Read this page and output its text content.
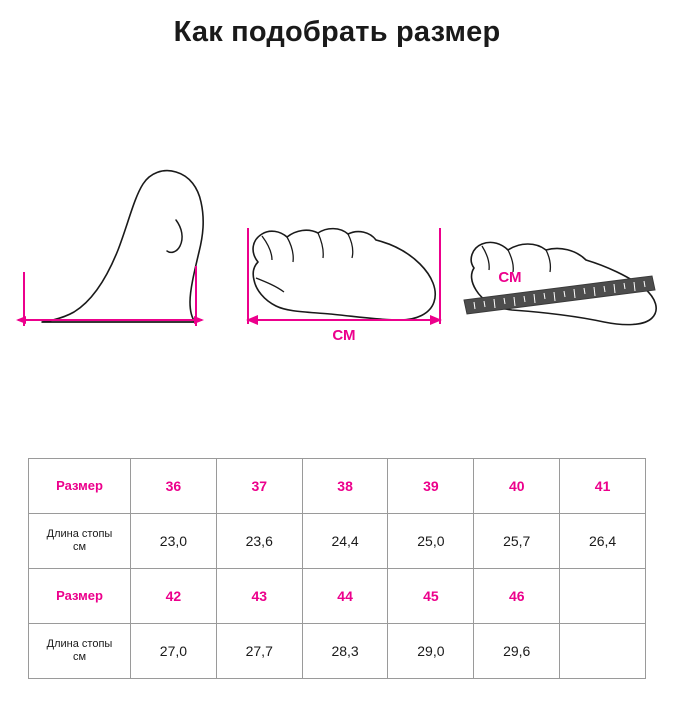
Как подобрать размер
СМ
СМ
Размер	36	37	38	39	40	41
Длина стопы
см	23,0	23,6	24,4	25,0	25,7	26,4
Размер	42	43	44	45	46	
Длина стопы
см	27,0	27,7	28,3	29,0	29,6	
